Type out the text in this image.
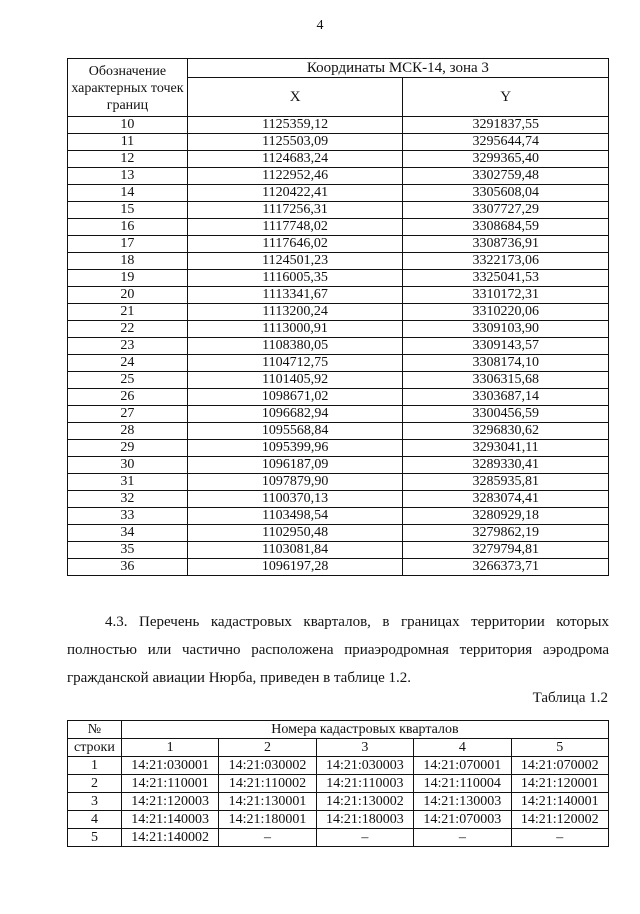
4
Обозначение характерных точек границ	Координаты МСК-14, зона 3	
	X	Y
10	1125359,12	3291837,55
11	1125503,09	3295644,74
12	1124683,24	3299365,40
13	1122952,46	3302759,48
14	1120422,41	3305608,04
15	1117256,31	3307727,29
16	1117748,02	3308684,59
17	1117646,02	3308736,91
18	1124501,23	3322173,06
19	1116005,35	3325041,53
20	1113341,67	3310172,31
21	1113200,24	3310220,06
22	1113000,91	3309103,90
23	1108380,05	3309143,57
24	1104712,75	3308174,10
25	1101405,92	3306315,68
26	1098671,02	3303687,14
27	1096682,94	3300456,59
28	1095568,84	3296830,62
29	1095399,96	3293041,11
30	1096187,09	3289330,41
31	1097879,90	3285935,81
32	1100370,13	3283074,41
33	1103498,54	3280929,18
34	1102950,48	3279862,19
35	1103081,84	3279794,81
36	1096197,28	3266373,71
4.3. Перечень кадастровых кварталов, в границах территории которых
полностью или частично расположена приаэродромная территория аэродрома
гражданской авиации Нюрба, приведен в таблице 1.2.
Таблица 1.2
№	Номера кадастровых кварталов				
строки	1	2	3	4	5
1	14:21:030001	14:21:030002	14:21:030003	14:21:070001	14:21:070002
2	14:21:110001	14:21:110002	14:21:110003	14:21:110004	14:21:120001
3	14:21:120003	14:21:130001	14:21:130002	14:21:130003	14:21:140001
4	14:21:140003	14:21:180001	14:21:180003	14:21:070003	14:21:120002
5	14:21:140002	–	–	–	–
